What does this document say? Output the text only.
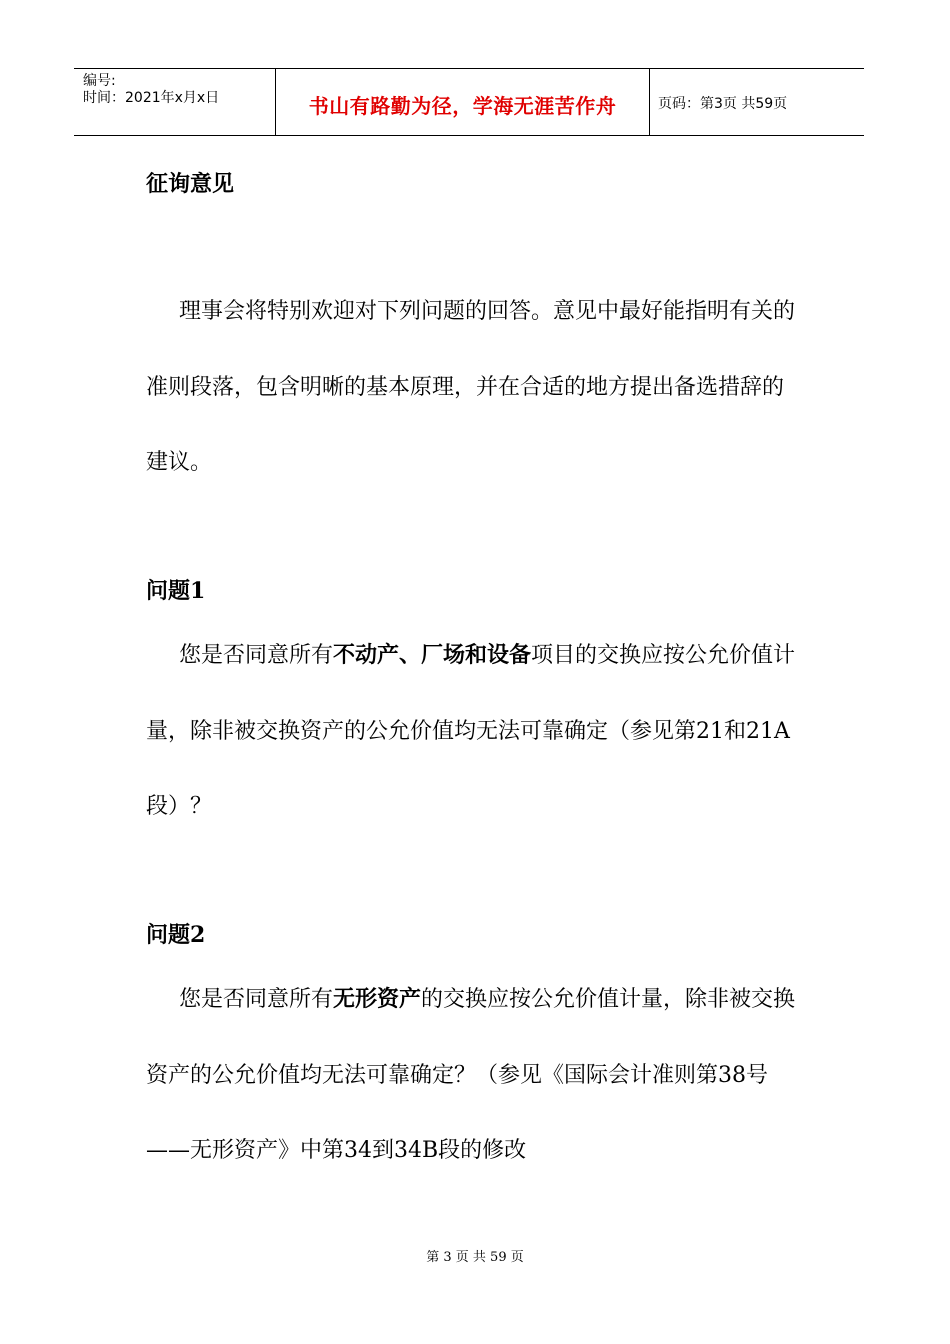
编号:
时间：2021年x月x日	书山有路勤为径，学海无涯苦作舟	页码：第3页 共59页
征询意见
理事会将特别欢迎对下列问题的回答。意见中最好能指明有关的准则段落，包含明晰的基本原理，并在合适的地方提出备选措辞的建议。
问题1
您是否同意所有不动产、厂场和设备项目的交换应按公允价值计量，除非被交换资产的公允价值均无法可靠确定（参见第21和21A段）？
问题2
您是否同意所有无形资产的交换应按公允价值计量，除非被交换资产的公允价值均无法可靠确定？（参见《国际会计准则第38号——无形资产》中第34到34B段的修改
第 3 页 共 59 页
